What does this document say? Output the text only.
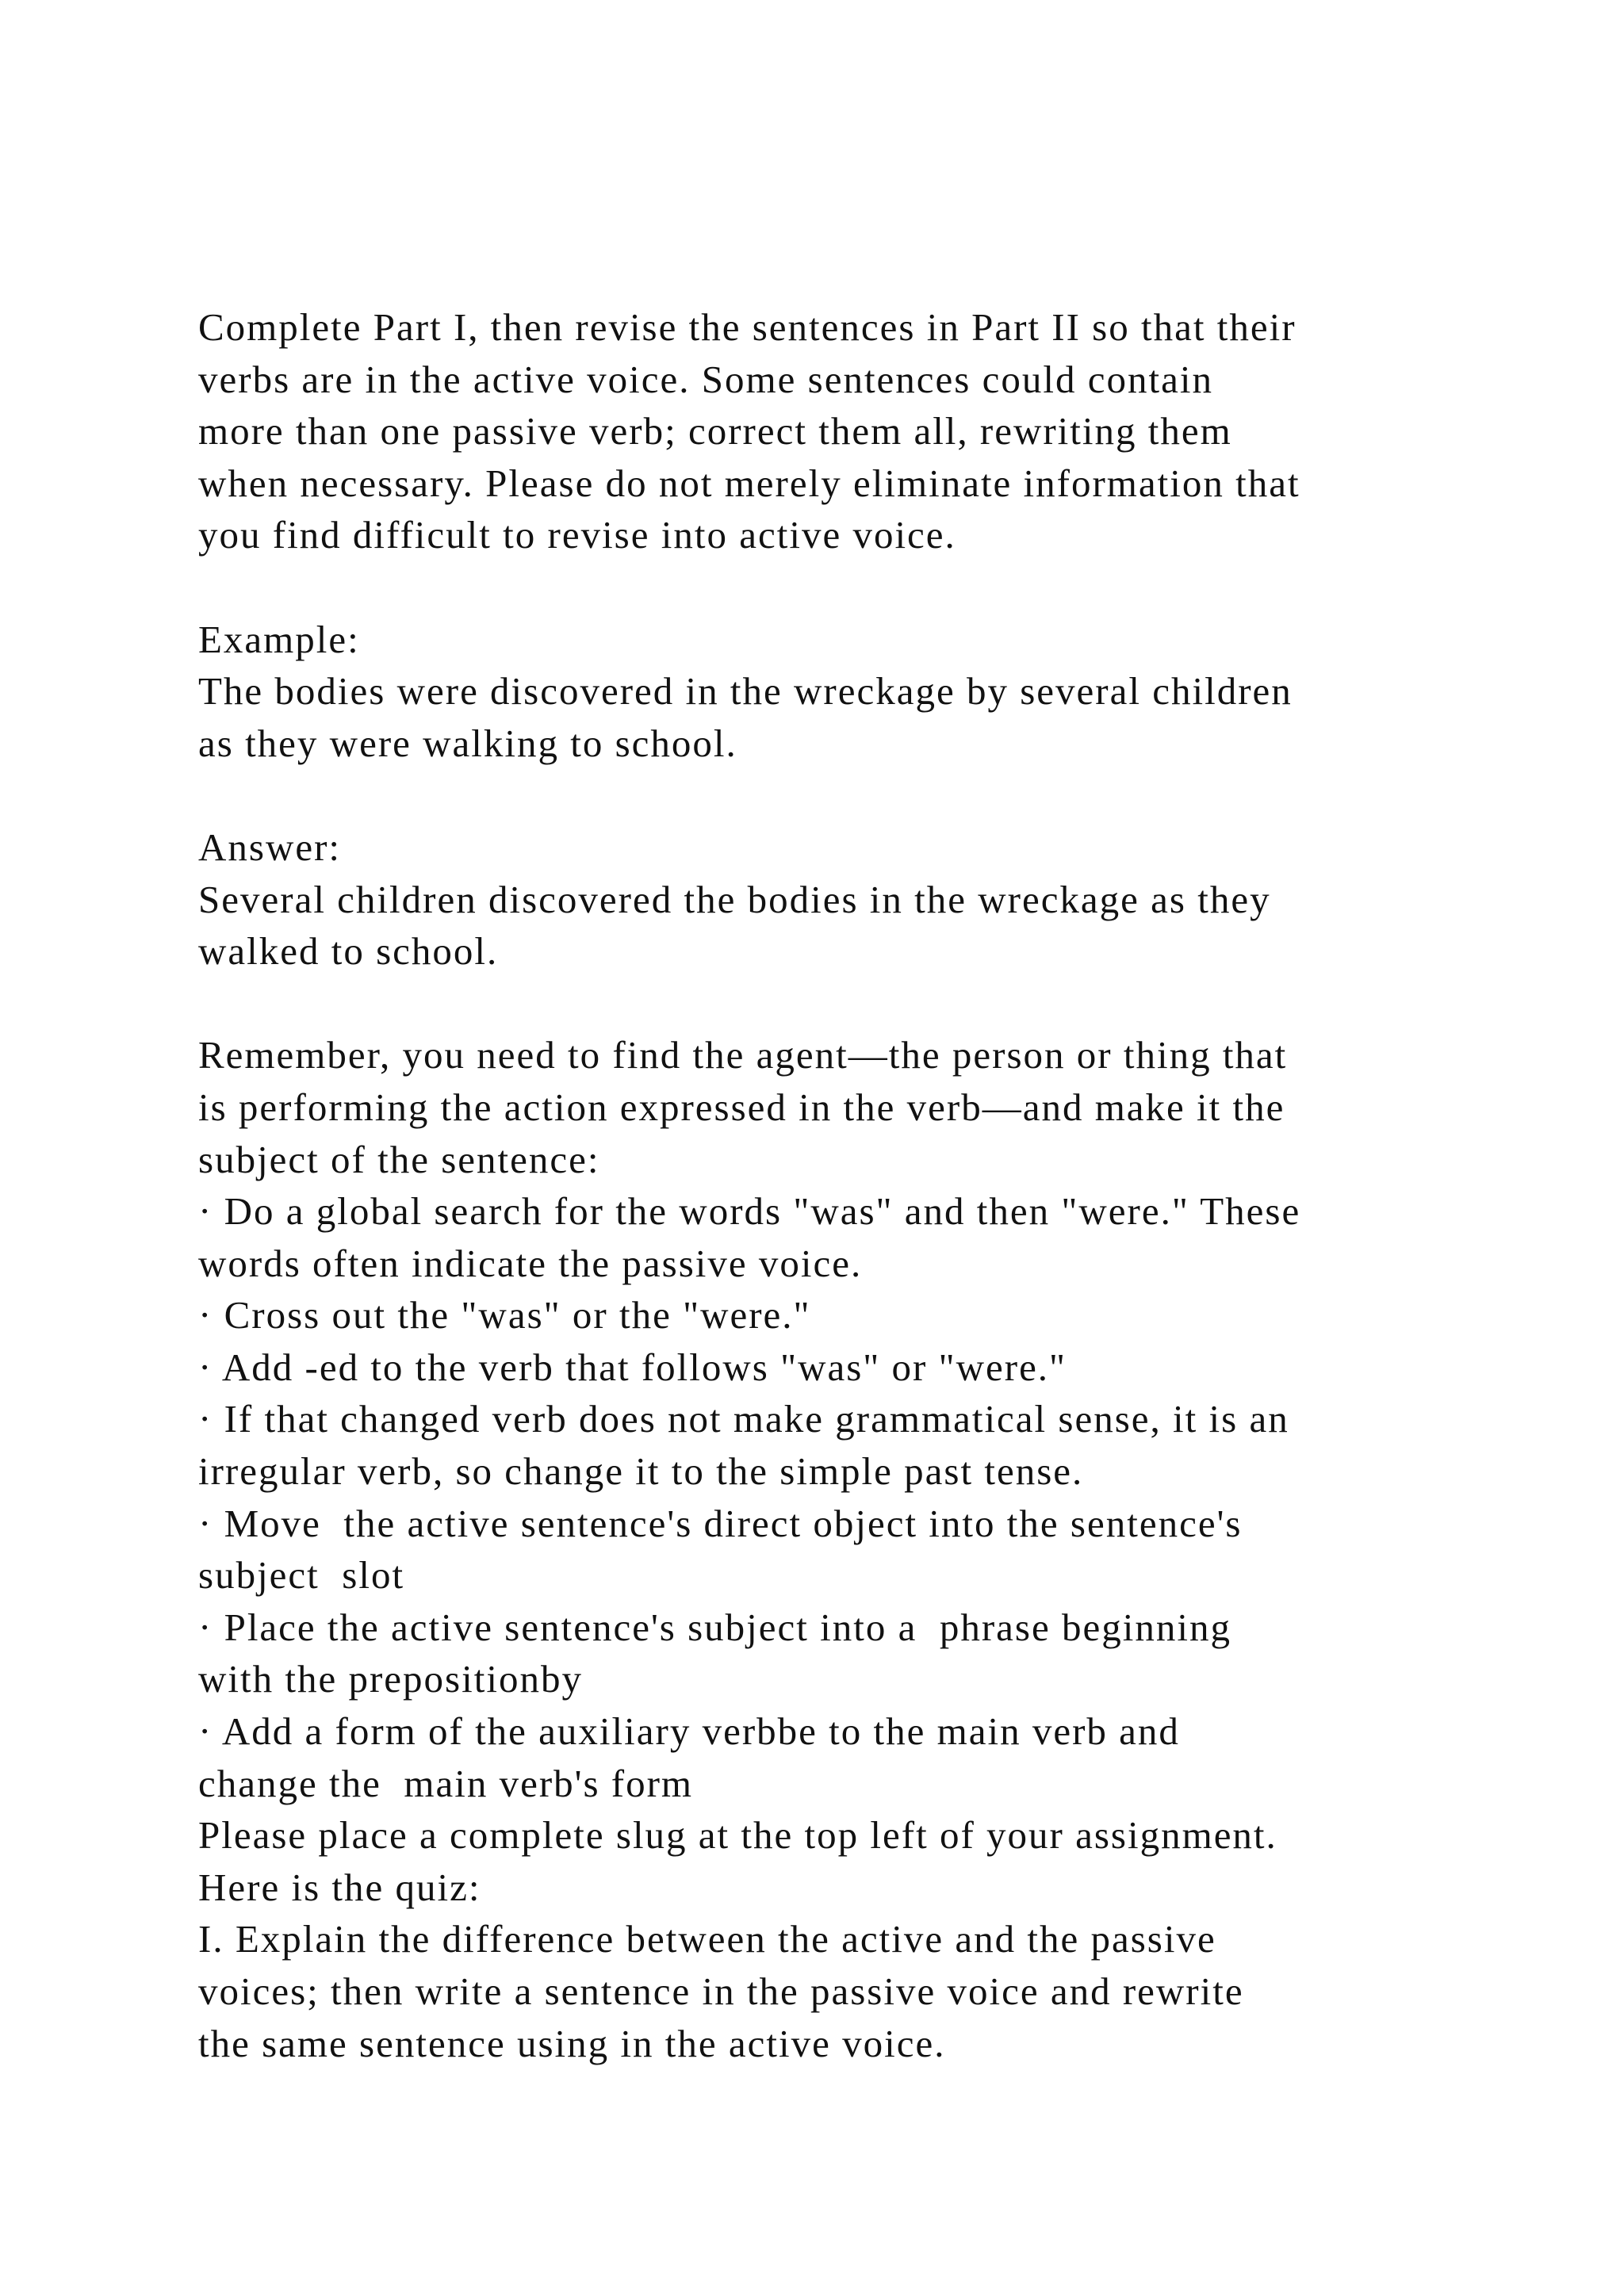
Complete Part I, then revise the sentences in Part II so that their
verbs are in the active voice. Some sentences could contain
more than one passive verb; correct them all, rewriting them
when necessary. Please do not merely eliminate information that
you find difficult to revise into active voice.
Example:
The bodies were discovered in the wreckage by several children
as they were walking to school.
Answer:
Several children discovered the bodies in the wreckage as they
walked to school.
Remember, you need to find the agent—the person or thing that
is performing the action expressed in the verb—and make it the
subject of the sentence:
· Do a global search for the words "was" and then "were." These
words often indicate the passive voice.
· Cross out the "was" or the "were."
· Add -ed to the verb that follows "was" or "were."
· If that changed verb does not make grammatical sense, it is an
irregular verb, so change it to the simple past tense.
· Move  the active sentence's direct object into the sentence's
subject  slot
· Place the active sentence's subject into a  phrase beginning
with the prepositionby
· Add a form of the auxiliary verbbe to the main verb and
change the  main verb's form
Please place a complete slug at the top left of your assignment.
Here is the quiz:
I. Explain the difference between the active and the passive
voices; then write a sentence in the passive voice and rewrite
the same sentence using in the active voice.
